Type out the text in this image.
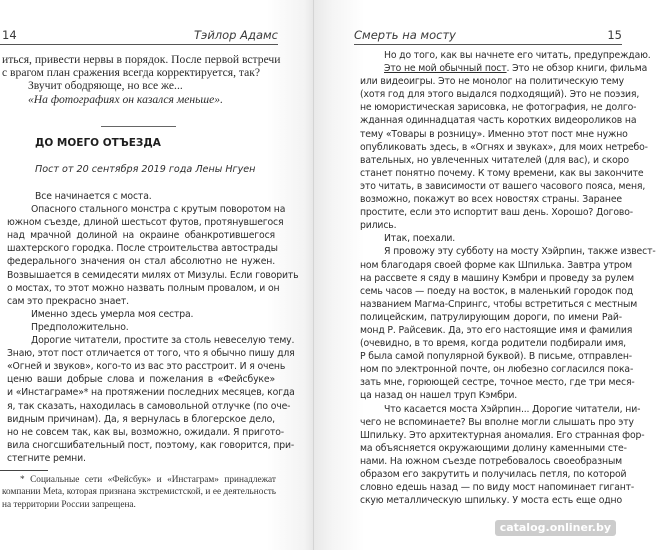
14	Тэйлор Адамс
иться, привести нервы в порядок. После первой встречи
с врагом план сражения всегда корректируется, так?
Звучит ободряюще, но все же...
«На фотографиях он казался меньше».
ДО МОЕГО ОТЪЕЗДА
Пост от 20 сентября 2019 года Лены Нгуен
Все начинается с моста.
Опасного стального монстра с крутым поворотом на
южном съезде, длиной шестьсот футов, протянувшегося
над мрачной долиной на окраине обанкротившегося
шахтерского городка. После строительства автострады
федерального значения он стал абсолютно не нужен.
Возвышается в семидесяти милях от Мизулы. Если говорить
о мостах, то этот можно назвать полным провалом, и он
сам это прекрасно знает.
Именно здесь умерла моя сестра.
Предположительно.
Дорогие читатели, простите за столь невеселую тему.
Знаю, этот пост отличается от того, что я обычно пишу для
«Огней и звуков», кого-то из вас это расстроит. И я очень
ценю ваши добрые слова и пожелания в «Фейсбуке»
и «Инстаграме»* на протяжении последних месяцев, когда
я, так сказать, находилась в самовольной отлучке (по оче-
видным причинам). Да, я вернулась в блогерское дело,
но не совсем так, как вы, возможно, ожидали. Я пригото-
вила сногсшибательный пост, поэтому, как говорится, при-
стегните ремни.
* Социальные сети «Фейсбук» и «Инстаграм» принадлежат
компании Meta, которая признана экстремистской, и ее деятельность
на территории России запрещена.
Смерть на мосту	15
Но до того, как вы начнете его читать, предупреждаю.
Это не мой обычный пост. Это не обзор книги, фильма
или видеоигры. Это не монолог на политическую тему
(хотя год для этого выдался подходящий). Это не поэзия,
не юмористическая зарисовка, не фотография, не долго-
жданная одиннадцатая часть коротких видеороликов на
тему «Товары в розницу». Именно этот пост мне нужно
опубликовать здесь, в «Огнях и звуках», для моих нетребо-
вательных, но увлеченных читателей (для вас), и скоро
станет понятно почему. К тому времени, как вы закончите
это читать, в зависимости от вашего часового пояса, меня,
возможно, покажут во всех новостях страны. Заранее
простите, если это испортит ваш день. Хорошо? Догово-
рились.
Итак, поехали.
Я провожу эту субботу на мосту Хэйрпин, также извест-
ном благодаря своей форме как Шпилька. Завтра утром
на рассвете я сяду в машину Кэмбри и проведу за рулем
семь часов — поеду на восток, в маленький городок под
названием Магма-Спрингс, чтобы встретиться с местным
полицейским, патрулирующим дороги, по имени Рай-
монд Р. Райсевик. Да, это его настоящие имя и фамилия
(очевидно, в то время, когда родители подбирали имя,
Р была самой популярной буквой). В письме, отправлен-
ном по электронной почте, он любезно согласился пока-
зать мне, горюющей сестре, точное место, где три меся-
ца назад он нашел труп Кэмбри.
Что касается моста Хэйрпин... Дорогие читатели, ни-
чего не вспоминаете? Вы вполне могли слышать про эту
Шпильку. Это архитектурная аномалия. Его странная фор-
ма объясняется окружающими долину каменными сте-
нами. На южном съезде потребовалось своеобразным
образом его закрутить и получилась петля, по которой
словно едешь назад — по виду мост напоминает гигант-
скую металлическую шпильку. У моста есть еще одно
catalog.onliner.by
